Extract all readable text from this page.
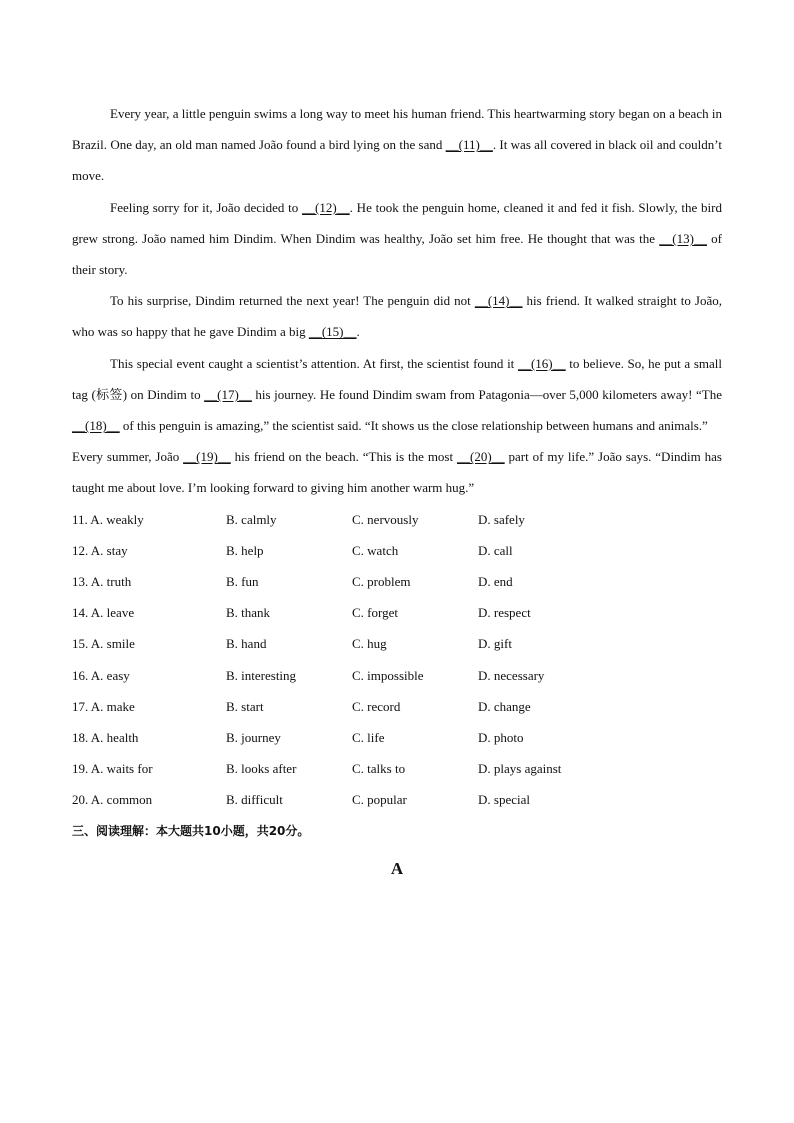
Every year, a little penguin swims a long way to meet his human friend. This heartwarming story began on a beach in Brazil. One day, an old man named João found a bird lying on the sand __(11)__. It was all covered in black oil and couldn’t move.

Feeling sorry for it, João decided to __(12)__. He took the penguin home, cleaned it and fed it fish. Slowly, the bird grew strong. João named him Dindim. When Dindim was healthy, João set him free. He thought that was the __(13)__ of their story.

To his surprise, Dindim returned the next year! The penguin did not __(14)__ his friend. It walked straight to João, who was so happy that he gave Dindim a big __(15)__.

This special event caught a scientist’s attention. At first, the scientist found it __(16)__ to believe. So, he put a small tag (标签) on Dindim to __(17)__ his journey. He found Dindim swam from Patagonia—over 5,000 kilometers away! “The __(18)__ of this penguin is amazing,” the scientist said. “It shows us the close relationship between humans and animals.”

Every summer, João __(19)__ his friend on the beach. “This is the most __(20)__ part of my life.” João says. “Dindim has taught me about love. I’m looking forward to giving him another warm hug.”

11. A. weakly	B. calmly	C. nervously	D. safely
12. A. stay	B. help	C. watch	D. call
13. A. truth	B. fun	C. problem	D. end
14. A. leave	B. thank	C. forget	D. respect
15. A. smile	B. hand	C. hug	D. gift
16. A. easy	B. interesting	C. impossible	D. necessary
17. A. make	B. start	C. record	D. change
18. A. health	B. journey	C. life	D. photo
19. A. waits for	B. looks after	C. talks to	D. plays against
20. A. common	B. difficult	C. popular	D. special

三、阅读理解：本大题共10小题，共20分。

A
